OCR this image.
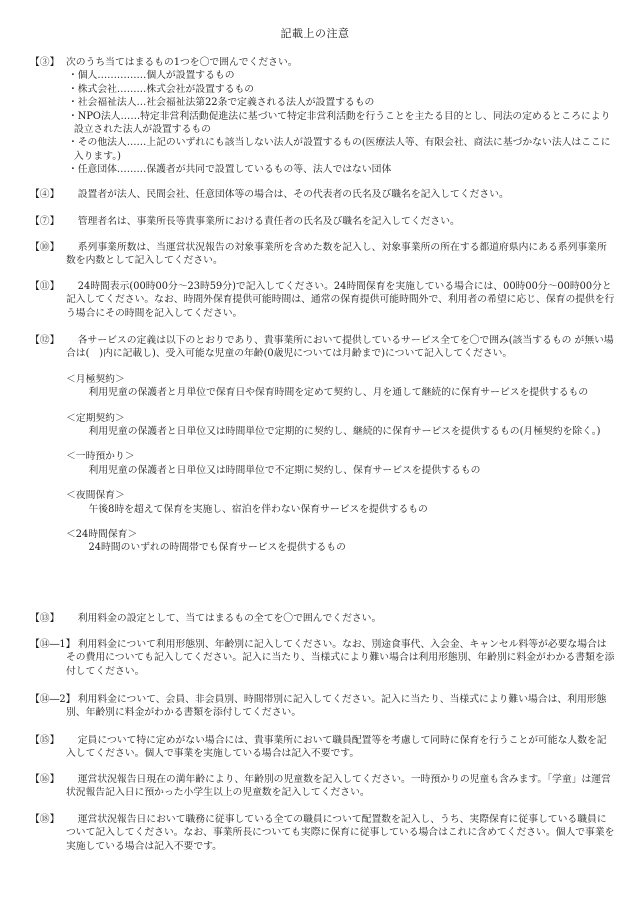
記載上の注意
【③】 次のうち当てはまるもの1つを〇で囲んでください。

・個人……………個人が設置するもの
・株式会社………株式会社が設置するもの
・社会福祉法人…社会福祉法第22条で定義される法人が設置するもの
・NPO法人……特定非営利活動促進法に基づいて特定非営利活動を行うことを主たる目的とし、同法の定めるところにより設立された法人が設置するもの
・その他法人……上記のいずれにも該当しない法人が設置するもの(医療法人等、有限会社、商法に基づかない法人はここに入ります。)
・任意団体………保護者が共同で設置しているもの等、法人ではない団体
【④】	設置者が法人、民間会社、任意団体等の場合は、その代表者の氏名及び職名を記入してください。

【⑦】	管理者名は、事業所長等貴事業所における責任者の氏名及び職名を記入してください。

【⑩】	系列事業所数は、当運営状況報告の対象事業所を含めた数を記入し、対象事業所の所在する都道府県内にある系列事業所数を内数として記入してください。

【⑪】	24時間表示(00時00分～23時59分)で記入してください。24時間保育を実施している場合には、00時00分～00時00分と記入してください。なお、時間外保育提供可能時間は、通常の保育提供可能時間外で、利用者の希望に応じ、保育の提供を行う場合にその時間を記入してください。

【⑫】	各サービスの定義は以下のとおりであり、貴事業所において提供しているサービス全てを〇で囲み(該当するもの が無い場合は(　)内に記載し)、受入可能な児童の年齢(0歳児については月齢まで)について記入してください。

＜月極契約＞

利用児童の保護者と月単位で保育日や保育時間を定めて契約し、月を通して継続的に保育サービスを提供するもの

＜定期契約＞

利用児童の保護者と日単位又は時間単位で定期的に契約し、継続的に保育サービスを提供するもの(月極契約を除く。)

＜一時預かり＞

利用児童の保護者と日単位又は時間単位で不定期に契約し、保育サービスを提供するもの

＜夜間保育＞

午後8時を超えて保育を実施し、宿泊を伴わない保育サービスを提供するもの

＜24時間保育＞

24時間のいずれの時間帯でも保育サービスを提供するもの

【⑬】	利用料金の設定として、当てはまるもの全てを〇で囲んでください。

【⑭―1】 利用料金について利用形態別、年齢別に記入してください。なお、別途食事代、入会金、キャンセル料等が必要な場合はその費用についても記入してください。記入に当たり、当様式により難い場合は利用形態別、年齢別に料金がわかる書類を添付してください。

【⑭―2】 利用料金について、会員、非会員別、時間帯別に記入してください。記入に当たり、当様式により難い場合は、利用形態別、年齢別に料金がわかる書類を添付してください。

【⑮】	定員について特に定めがない場合には、貴事業所において職員配置等を考慮して同時に保育を行うことが可能な人数を記入してください。個人で事業を実施している場合は記入不要です。

【⑯】	運営状況報告日現在の満年齢により、年齢別の児童数を記入してください。一時預かりの児童も含みます。「学童」は運営状況報告記入日に預かった小学生以上の児童数を記入してください。

【⑱】	運営状況報告日において職務に従事している全ての職員について配置数を記入し、うち、実際保育に従事している職員について記入してください。なお、事業所長についても実際に保育に従事している場合はこれに含めてください。個人で事業を実施している場合は記入不要です。
